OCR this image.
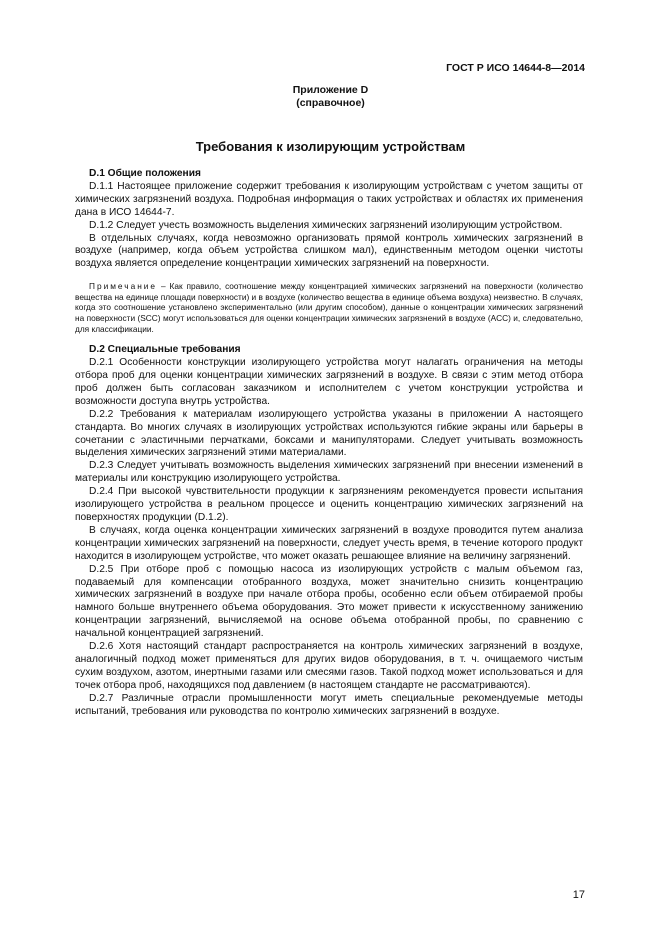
ГОСТ Р ИСО 14644-8—2014
Приложение D
(справочное)
Требования к изолирующим устройствам

D.1 Общие положения

D.1.1 Настоящее приложение содержит требования к изолирующим устройствам с учетом защиты от химических загрязнений воздуха. Подробная информация о таких устройствах и областях их применения дана в ИСО 14644-7.

D.1.2 Следует учесть возможность выделения химических загрязнений изолирующим устройством.

В отдельных случаях, когда невозможно организовать прямой контроль химических загрязнений в воздухе (например, когда объем устройства слишком мал), единственным методом оценки чистоты воздуха является определение концентрации химических загрязнений на поверхности.

Примечание – Как правило, соотношение между концентрацией химических загрязнений на поверхности (количество вещества на единице площади поверхности) и в воздухе (количество вещества в единице объема воздуха) неизвестно. В случаях, когда это соотношение установлено экспериментально (или другим способом), данные о концентрации химических загрязнений на поверхности (SCC) могут использоваться для оценки концентрации химических загрязнений в воздухе (ACC) и, следовательно, для классификации.

D.2 Специальные требования

D.2.1 Особенности конструкции изолирующего устройства могут налагать ограничения на методы отбора проб для оценки концентрации химических загрязнений в воздухе. В связи с этим метод отбора проб должен быть согласован заказчиком и исполнителем с учетом конструкции устройства и возможности доступа внутрь устройства.

D.2.2 Требования к материалам изолирующего устройства указаны в приложении А настоящего стандарта. Во многих случаях в изолирующих устройствах используются гибкие экраны или барьеры в сочетании с эластичными перчатками, боксами и манипуляторами. Следует учитывать возможность выделения химических загрязнений этими материалами.

D.2.3 Следует учитывать возможность выделения химических загрязнений при внесении изменений в материалы или конструкцию изолирующего устройства.

D.2.4 При высокой чувствительности продукции к загрязнениям рекомендуется провести испытания изолирующего устройства в реальном процессе и оценить концентрацию химических загрязнений на поверхностях продукции (D.1.2).

В случаях, когда оценка концентрации химических загрязнений в воздухе проводится путем анализа концентрации химических загрязнений на поверхности, следует учесть время, в течение которого продукт находится в изолирующем устройстве, что может оказать решающее влияние на величину загрязнений.

D.2.5 При отборе проб с помощью насоса из изолирующих устройств с малым объемом газ, подаваемый для компенсации отобранного воздуха, может значительно снизить концентрацию химических загрязнений в воздухе при начале отбора пробы, особенно если объем отбираемой пробы намного больше внутреннего объема оборудования. Это может привести к искусственному занижению концентрации загрязнений, вычисляемой на основе объема отобранной пробы, по сравнению с начальной концентрацией загрязнений.

D.2.6 Хотя настоящий стандарт распространяется на контроль химических загрязнений в воздухе, аналогичный подход может применяться для других видов оборудования, в т. ч. очищаемого чистым сухим воздухом, азотом, инертными газами или смесями газов. Такой подход может использоваться и для точек отбора проб, находящихся под давлением (в настоящем стандарте не рассматриваются).

D.2.7 Различные отрасли промышленности могут иметь специальные рекомендуемые методы испытаний, требования или руководства по контролю химических загрязнений в воздухе.

17
